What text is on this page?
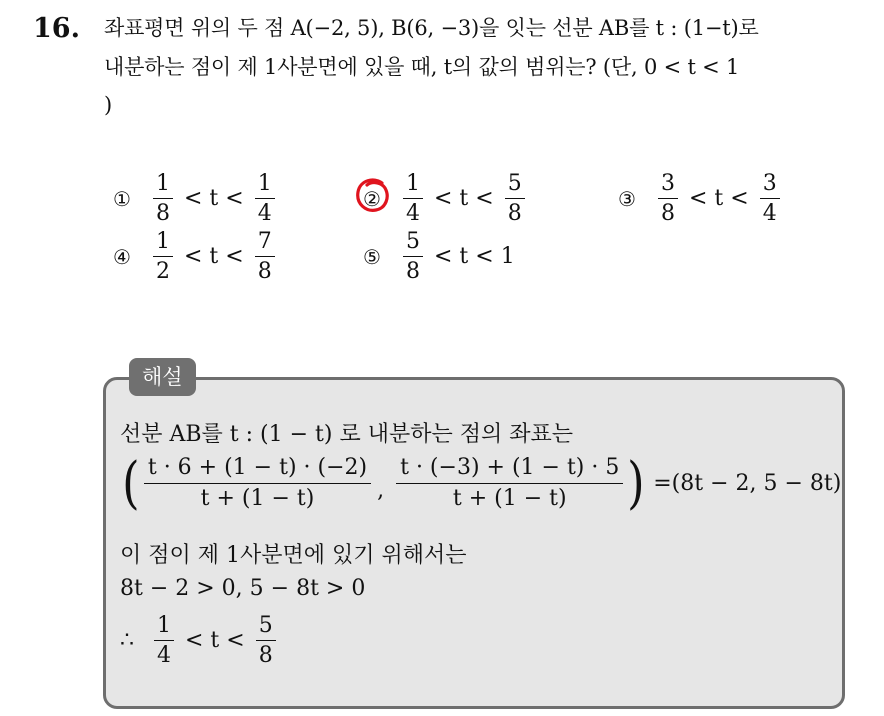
16. 좌표평면 위의 두 점 A(−2, 5), B(6, −3)을 잇는 선분 AB를 t : (1−t)로
내분하는 점이 제 1사분면에 있을 때, t의 값의 범위는? (단, 0 < t < 1
)
①	$\frac{1}{8} < t < \frac{1}{4}$	②	$\frac{1}{4} < t < \frac{5}{8}$	③	$\frac{3}{8} < t < \frac{3}{4}$
④	$\frac{1}{2} < t < \frac{7}{8}$	⑤	$\frac{5}{8} < t < 1$
해설
선분 AB를 t : (1 − t) 로 내분하는 점의 좌표는
( $\frac{t \cdot 6 + (1 - t) \cdot (-2)}{t + (1 - t)}$ , $\frac{t \cdot (-3) + (1 - t) \cdot 5}{t + (1 - t)}$ ) =(8t − 2, 5 − 8t)
이 점이 제 1사분면에 있기 위해서는
8t − 2 > 0, 5 − 8t > 0
∴ $\frac{1}{4} < t < \frac{5}{8}$
